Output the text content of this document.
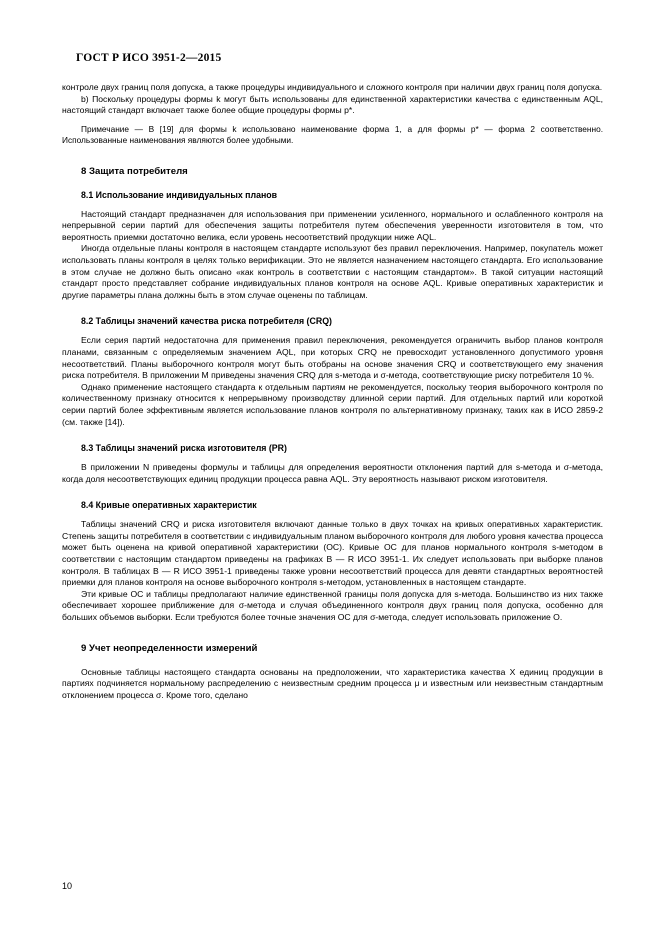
ГОСТ Р ИСО 3951-2—2015

контроле двух границ поля допуска, а также процедуры индивидуального и сложного контроля при наличии двух границ поля допуска.

b) Поскольку процедуры формы k могут быть использованы для единственной характеристики качества с единственным AQL, настоящий стандарт включает также более общие процедуры формы p*.

Примечание — В [19] для формы k использовано наименование форма 1, а для формы p* — форма 2 соответственно. Использованные наименования являются более удобными.

8 Защита потребителя
8.1 Использование индивидуальных планов

Настоящий стандарт предназначен для использования при применении усиленного, нормального и ослабленного контроля на непрерывной серии партий для обеспечения защиты потребителя путем обеспечения уверенности изготовителя в том, что вероятность приемки достаточно велика, если уровень несоответствий продукции ниже AQL.

Иногда отдельные планы контроля в настоящем стандарте используют без правил переключения. Например, покупатель может использовать планы контроля в целях только верификации. Это не является назначением настоящего стандарта. Его использование в этом случае не должно быть описано «как контроль в соответствии с настоящим стандартом». В такой ситуации настоящий стандарт просто представляет собрание индивидуальных планов контроля на основе AQL. Кривые оперативных характеристик и другие параметры плана должны быть в этом случае оценены по таблицам.

8.2 Таблицы значений качества риска потребителя (CRQ)

Если серия партий недостаточна для применения правил переключения, рекомендуется ограничить выбор планов контроля планами, связанным с определяемым значением AQL, при которых CRQ не превосходит установленного допустимого уровня несоответствий. Планы выборочного контроля могут быть отобраны на основе значения CRQ и соответствующего ему значения риска потребителя. В приложении М приведены значения CRQ для s-метода и σ-метода, соответствующие риску потребителя 10 %.

Однако применение настоящего стандарта к отдельным партиям не рекомендуется, поскольку теория выборочного контроля по количественному признаку относится к непрерывному производству длинной серии партий. Для отдельных партий или короткой серии партий более эффективным является использование планов контроля по альтернативному признаку, таких как в ИСО 2859-2 (см. также [14]).

8.3 Таблицы значений риска изготовителя (PR)

В приложении N приведены формулы и таблицы для определения вероятности отклонения партий для s-метода и σ-метода, когда доля несоответствующих единиц продукции процесса равна AQL. Эту вероятность называют риском изготовителя.

8.4 Кривые оперативных характеристик

Таблицы значений CRQ и риска изготовителя включают данные только в двух точках на кривых оперативных характеристик. Степень защиты потребителя в соответствии с индивидуальным планом выборочного контроля для любого уровня качества процесса может быть оценена на кривой оперативной характеристики (ОС). Кривые ОС для планов нормального контроля s-методом в соответствии с настоящим стандартом приведены на графиках В — R ИСО 3951-1. Их следует использовать при выборке планов контроля. В таблицах В — R ИСО 3951-1 приведены также уровни несоответствий процесса для девяти стандартных вероятностей приемки для планов контроля на основе выборочного контроля s-методом, установленных в настоящем стандарте.

Эти кривые ОС и таблицы предполагают наличие единственной границы поля допуска для s-метода. Большинство из них также обеспечивает хорошее приближение для σ-метода и случая объединенного контроля двух границ поля допуска, особенно для больших объемов выборки. Если требуются более точные значения ОС для σ-метода, следует использовать приложение О.

9 Учет неопределенности измерений

Основные таблицы настоящего стандарта основаны на предположении, что характеристика качества X единиц продукции в партиях подчиняется нормальному распределению с неизвестным средним процесса μ и известным или неизвестным стандартным отклонением процесса σ. Кроме того, сделано

10
